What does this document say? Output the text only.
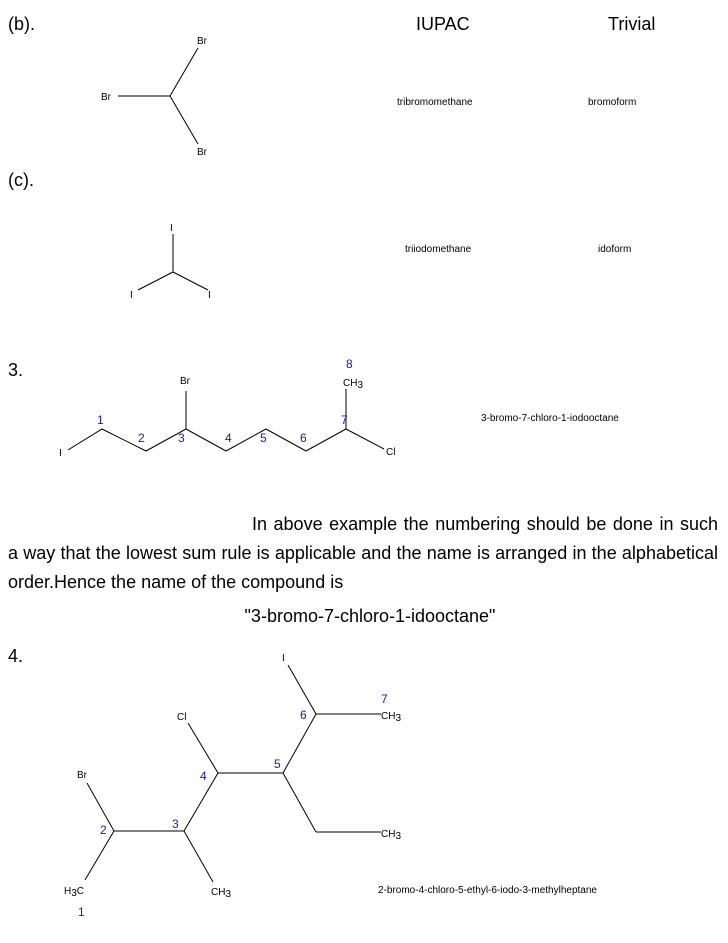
(b).	IUPAC	Trivial
tribromomethane	bromoform
(c).
triiodomethane	idoform
3.
3-bromo-7-chloro-1-iodooctane
In above example the numbering should be done in such a way that the lowest sum rule is applicable and the name is arranged in the alphabetical order.Hence the name of the compound is
"3-bromo-7-chloro-1-idooctane"
4.
2-bromo-4-chloro-5-ethyl-6-iodo-3-methylheptane
Br
Br
Br
I
I	I
I
Br
Cl
CH3
1
2	3	4 5	6
7
8
I
Cl
Br
H3C	CH3
CH3
CH3
1
2	3
4
5
6
7
